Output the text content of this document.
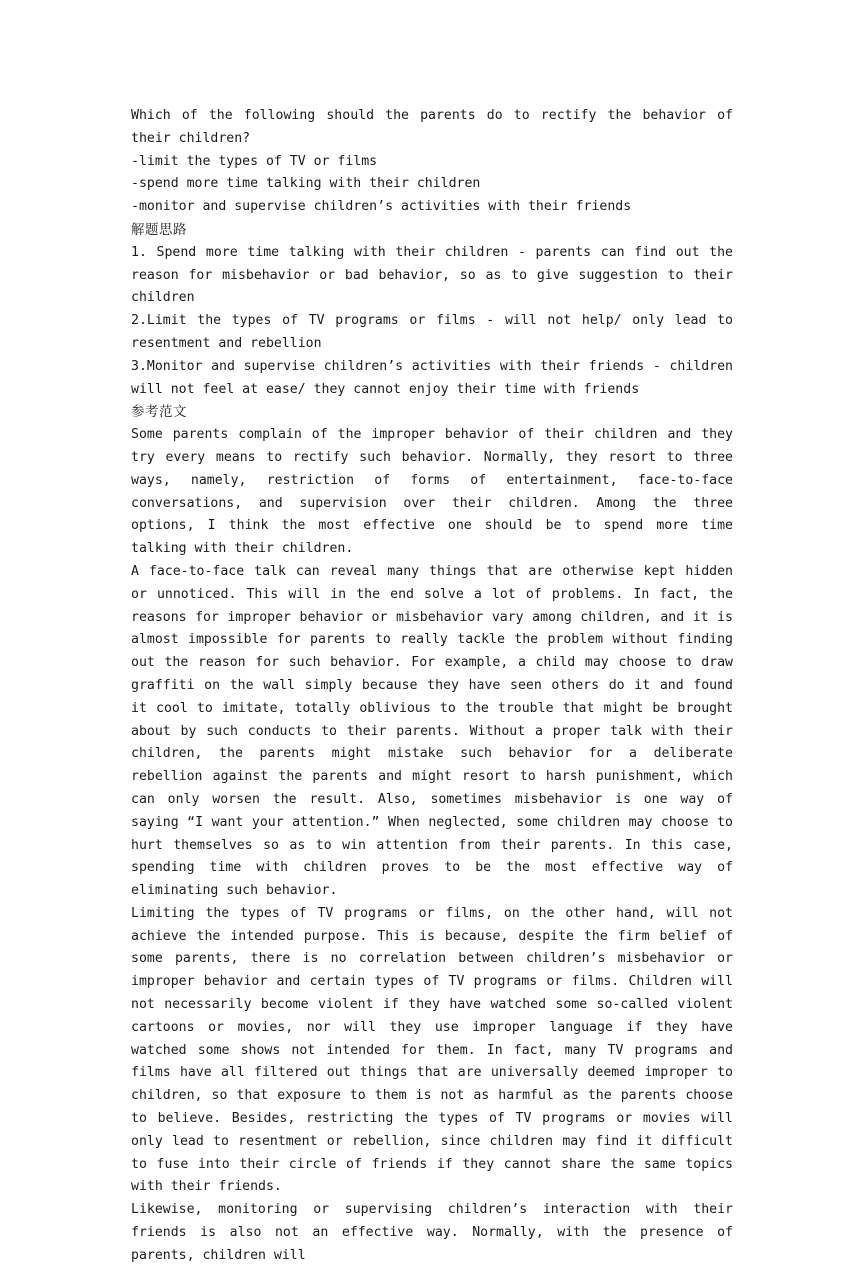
Which of the following should the parents do to rectify the behavior of their children?

-limit the types of TV or films

-spend more time talking with their children

-monitor and supervise children’s activities with their friends

解题思路

1. Spend more time talking with their children - parents can find out the reason for misbehavior or bad behavior, so as to give suggestion to their children

2.Limit the types of TV programs or films - will not help/ only lead to resentment and rebellion

3.Monitor and supervise children’s activities with their friends - children will not feel at ease/ they cannot enjoy their time with friends

参考范文

Some parents complain of the improper behavior of their children and they try every means to rectify such behavior. Normally, they resort to three ways, namely, restriction of forms of entertainment, face-to-face conversations, and supervision over their children. Among the three options, I think the most effective one should be to spend more time talking with their children.

A face-to-face talk can reveal many things that are otherwise kept hidden or unnoticed. This will in the end solve a lot of problems. In fact, the reasons for improper behavior or misbehavior vary among children, and it is almost impossible for parents to really tackle the problem without finding out the reason for such behavior. For example, a child may choose to draw graffiti on the wall simply because they have seen others do it and found it cool to imitate, totally oblivious to the trouble that might be brought about by such conducts to their parents. Without a proper talk with their children, the parents might mistake such behavior for a deliberate rebellion against the parents and might resort to harsh punishment, which can only worsen the result. Also, sometimes misbehavior is one way of saying “I want your attention.” When neglected, some children may choose to hurt themselves so as to win attention from their parents. In this case, spending time with children proves to be the most effective way of eliminating such behavior.

Limiting the types of TV programs or films, on the other hand, will not achieve the intended purpose. This is because, despite the firm belief of some parents, there is no correlation between children’s misbehavior or improper behavior and certain types of TV programs or films. Children will not necessarily become violent if they have watched some so-called violent cartoons or movies, nor will they use improper language if they have watched some shows not intended for them. In fact, many TV programs and films have all filtered out things that are universally deemed improper to children, so that exposure to them is not as harmful as the parents choose to believe. Besides, restricting the types of TV programs or movies will only lead to resentment or rebellion, since children may find it difficult to fuse into their circle of friends if they cannot share the same topics with their friends.

Likewise, monitoring or supervising children’s interaction with their friends is also not an effective way. Normally, with the presence of parents, children will
